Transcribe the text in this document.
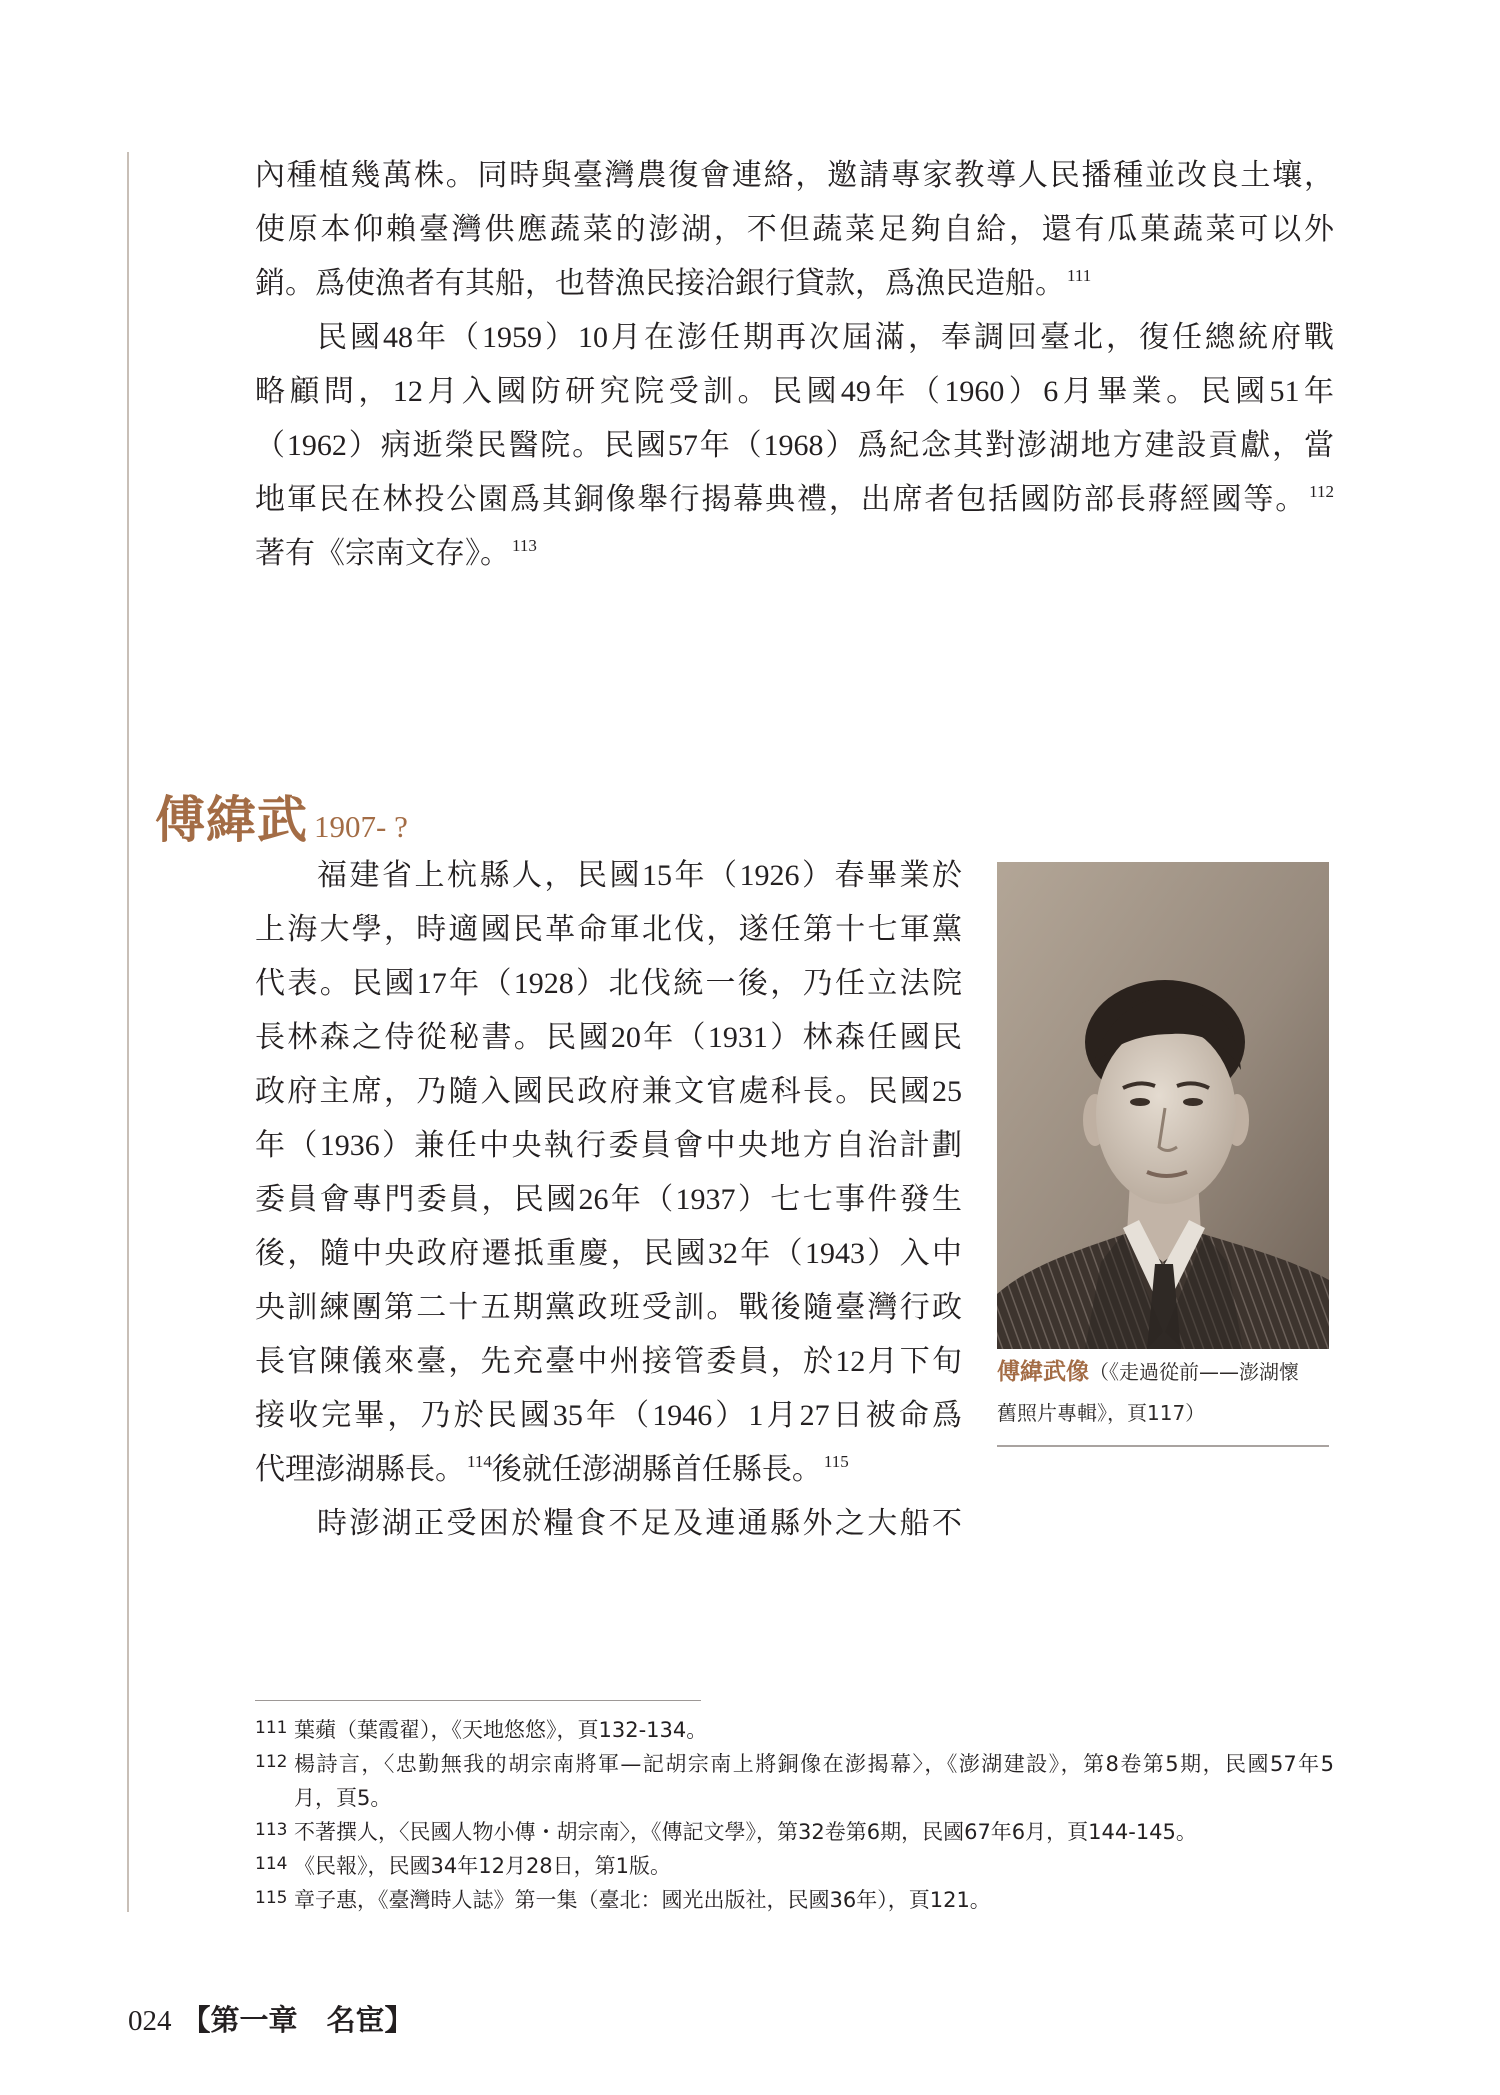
內種植幾萬株。同時與臺灣農復會連絡，邀請專家教導人民播種並改良土壤，
使原本仰賴臺灣供應蔬菜的澎湖，不但蔬菜足夠自給，還有瓜菓蔬菜可以外
銷。爲使漁者有其船，也替漁民接洽銀行貸款，爲漁民造船。 $^{111}$
民國48年（1959）10月在澎任期再次屆滿，奉調回臺北，復任總統府戰
略顧問，12月入國防研究院受訓。民國49年（1960）6月畢業。民國51年
（1962）病逝榮民醫院。民國57年（1968）爲紀念其對澎湖地方建設貢獻，當
地軍民在林投公園爲其銅像舉行揭幕典禮，出席者包括國防部長蔣經國等。 $^{112}$
著有《宗南文存》。 $^{113}$
傅緯武 1907- ?
福建省上杭縣人，民國15年（1926）春畢業於
上海大學，時適國民革命軍北伐，遂任第十七軍黨
代表。民國17年（1928）北伐統一後，乃任立法院
長林森之侍從秘書。民國20年（1931）林森任國民
政府主席，乃隨入國民政府兼文官處科長。民國25
年（1936）兼任中央執行委員會中央地方自治計劃
委員會專門委員，民國26年（1937）七七事件發生
後，隨中央政府遷抵重慶，民國32年（1943）入中
央訓練團第二十五期黨政班受訓。戰後隨臺灣行政
長官陳儀來臺，先充臺中州接管委員，於12月下旬
接收完畢，乃於民國35年（1946）1月27日被命爲
代理澎湖縣長。 $^{114}$後就任澎湖縣首任縣長。 $^{115}$
時澎湖正受困於糧食不足及連通縣外之大船不
傅緯武像（《走過從前——澎湖懷
舊照片專輯》，頁117）
111 葉蘋（葉霞翟），《天地悠悠》，頁132-134。
112 楊詩言，〈忠勤無我的胡宗南將軍—記胡宗南上將銅像在澎揭幕〉，《澎湖建設》，第8卷第5期，民國57年5
月，頁5。
113 不著撰人，〈民國人物小傳・胡宗南〉，《傳記文學》，第32卷第6期，民國67年6月，頁144-145。
114 《民報》，民國34年12月28日，第1版。
115 章子惠，《臺灣時人誌》第一集（臺北：國光出版社，民國36年），頁121。
024 【第一章　名宦】
